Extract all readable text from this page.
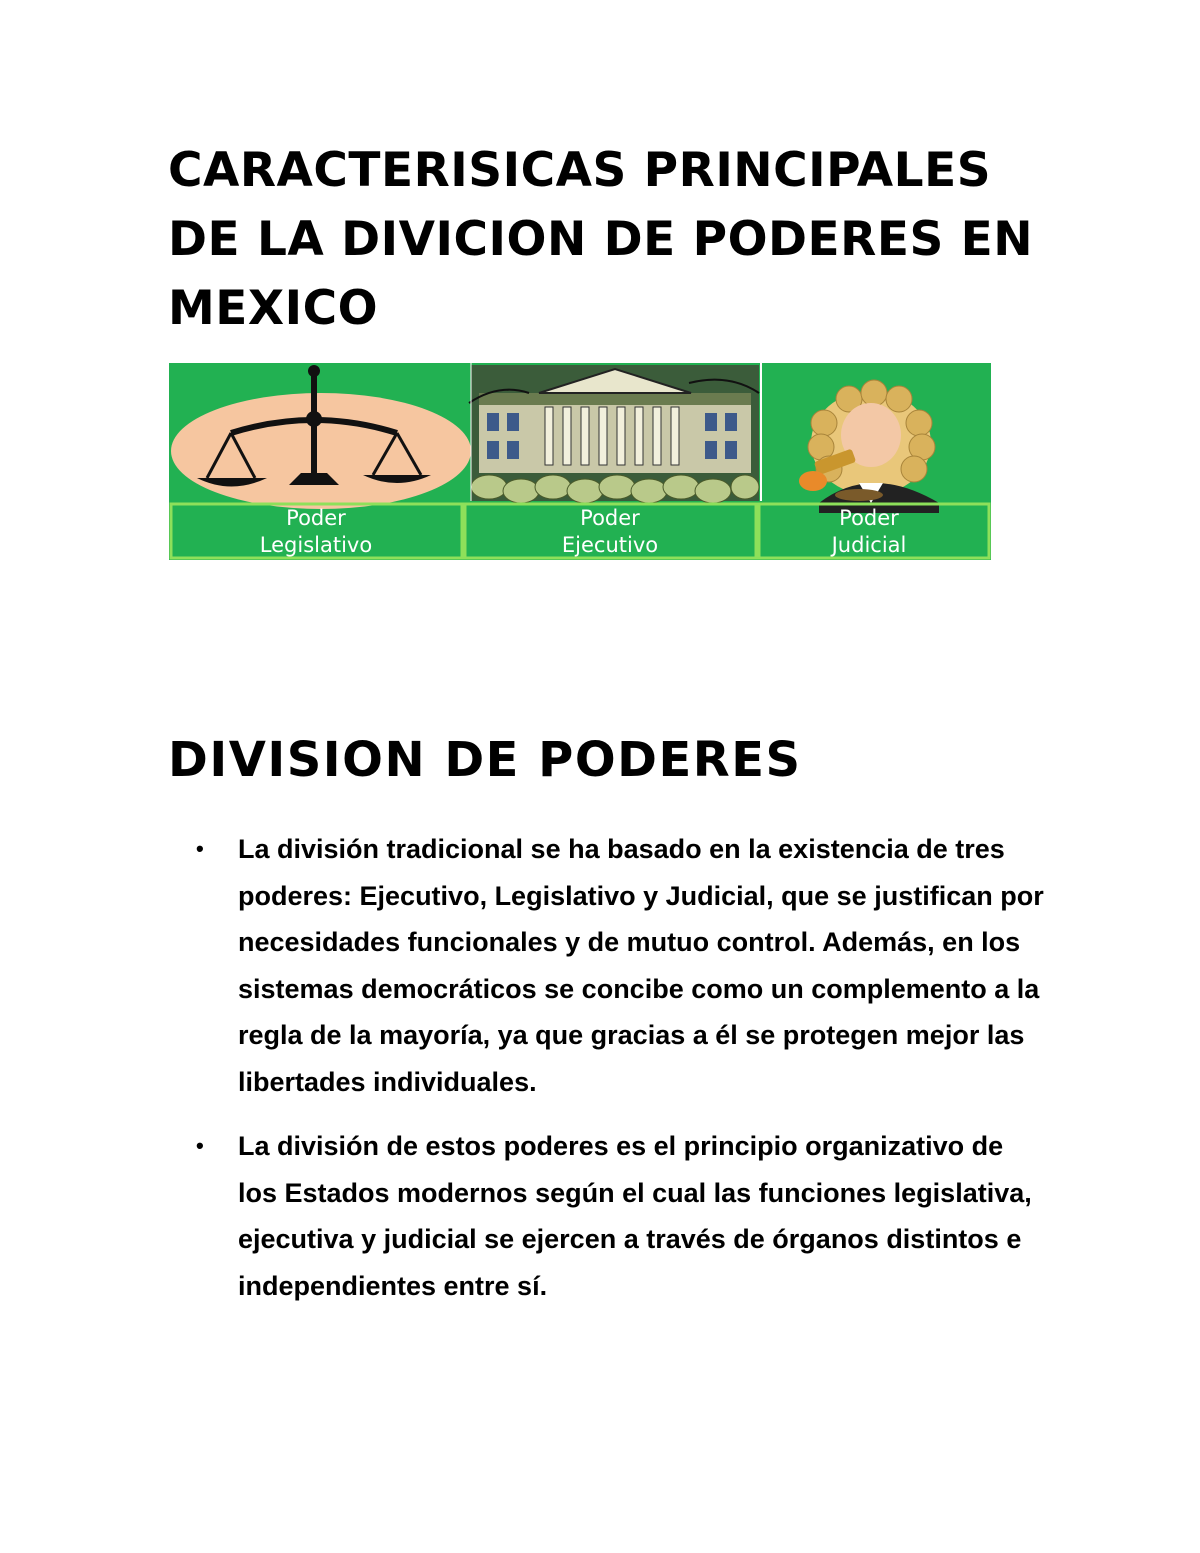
CARACTERISICAS PRINCIPALES DE LA DIVICION DE PODERES EN MEXICO
Poder
Legislativo
Poder
Ejecutivo
Poder
Judicial
DIVISION DE PODERES
• La división tradicional se ha basado en la existencia de tres poderes: Ejecutivo, Legislativo y Judicial, que se justifican por necesidades funcionales y de mutuo control. Además, en los sistemas democráticos se concibe como un complemento a la regla de la mayoría, ya que gracias a él se protegen mejor las libertades individuales.
• La división de estos poderes es el principio organizativo de los Estados modernos según el cual las funciones legislativa, ejecutiva y judicial se ejercen a través de órganos distintos e independientes entre sí.
